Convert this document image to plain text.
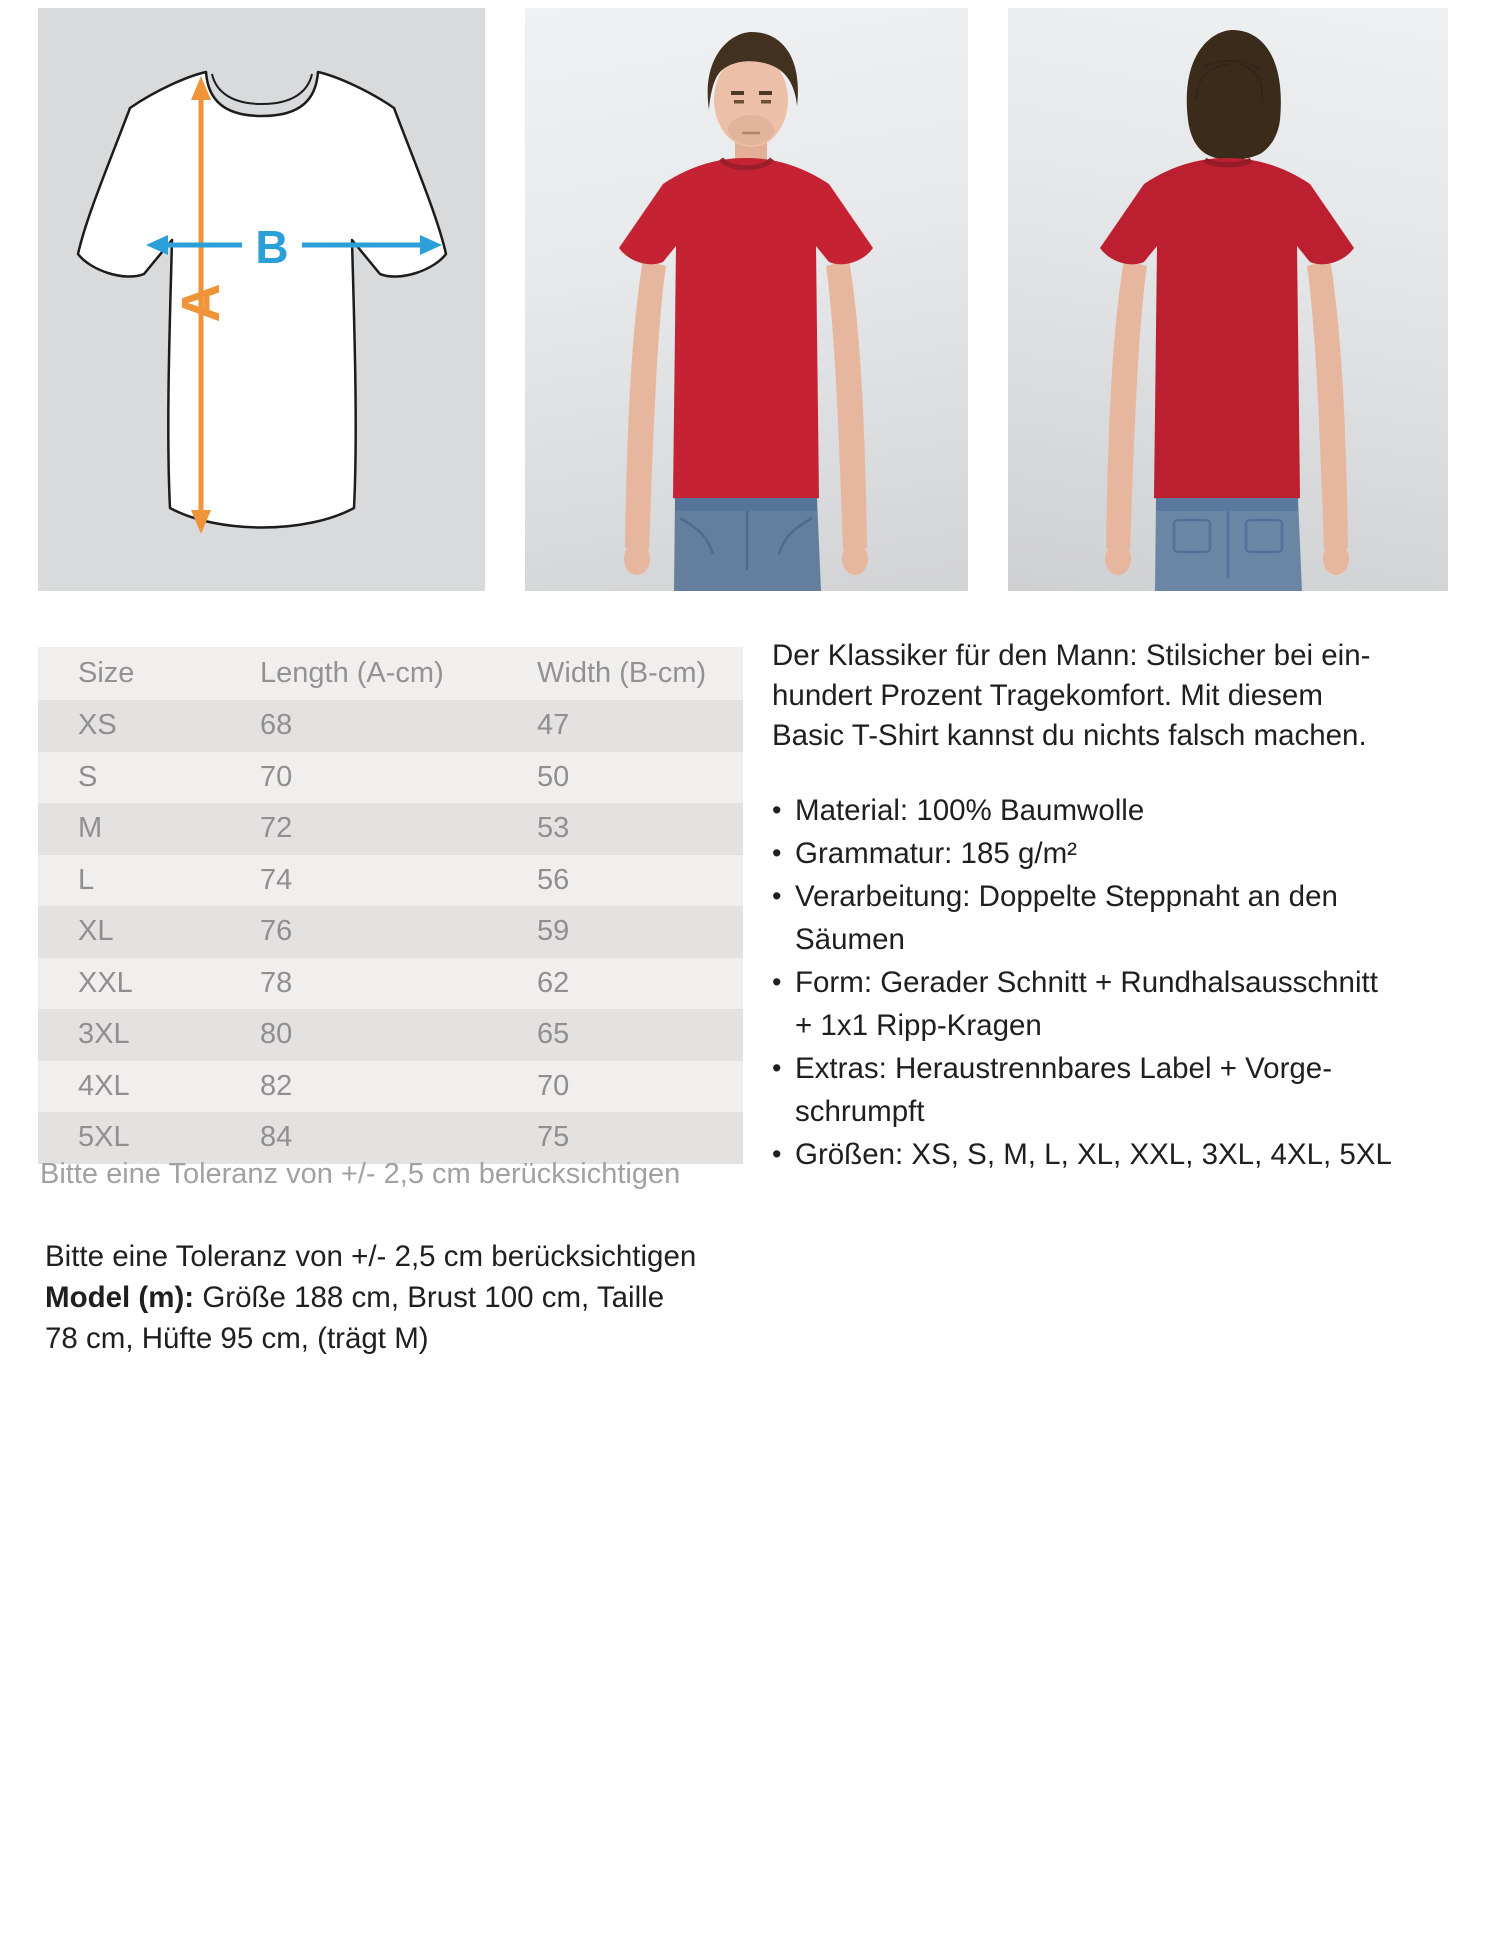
A
B
Size	Length (A-cm)	Width (B-cm)
XS	68	47
S	70	50
M	72	53
L	74	56
XL	76	59
XXL	78	62
3XL	80	65
4XL	82	70
5XL	84	75
Bitte eine Toleranz von +/- 2,5 cm berücksichtigen
Der Klassiker für den Mann: Stilsicher bei ein-
hundert Prozent Tragekomfort. Mit diesem
Basic T-Shirt kannst du nichts falsch machen.
• Material: 100% Baumwolle
• Grammatur: 185 g/m²
• Verarbeitung: Doppelte Steppnaht an den
Säumen
• Form: Gerader Schnitt + Rundhalsausschnitt
+ 1x1 Ripp-Kragen
• Extras: Heraustrennbares Label + Vorge-
schrumpft
• Größen: XS, S, M, L, XL, XXL, 3XL, 4XL, 5XL
Bitte eine Toleranz von +/- 2,5 cm berücksichtigen
Model (m): Größe 188 cm, Brust 100 cm, Taille
78 cm, Hüfte 95 cm, (trägt M)
